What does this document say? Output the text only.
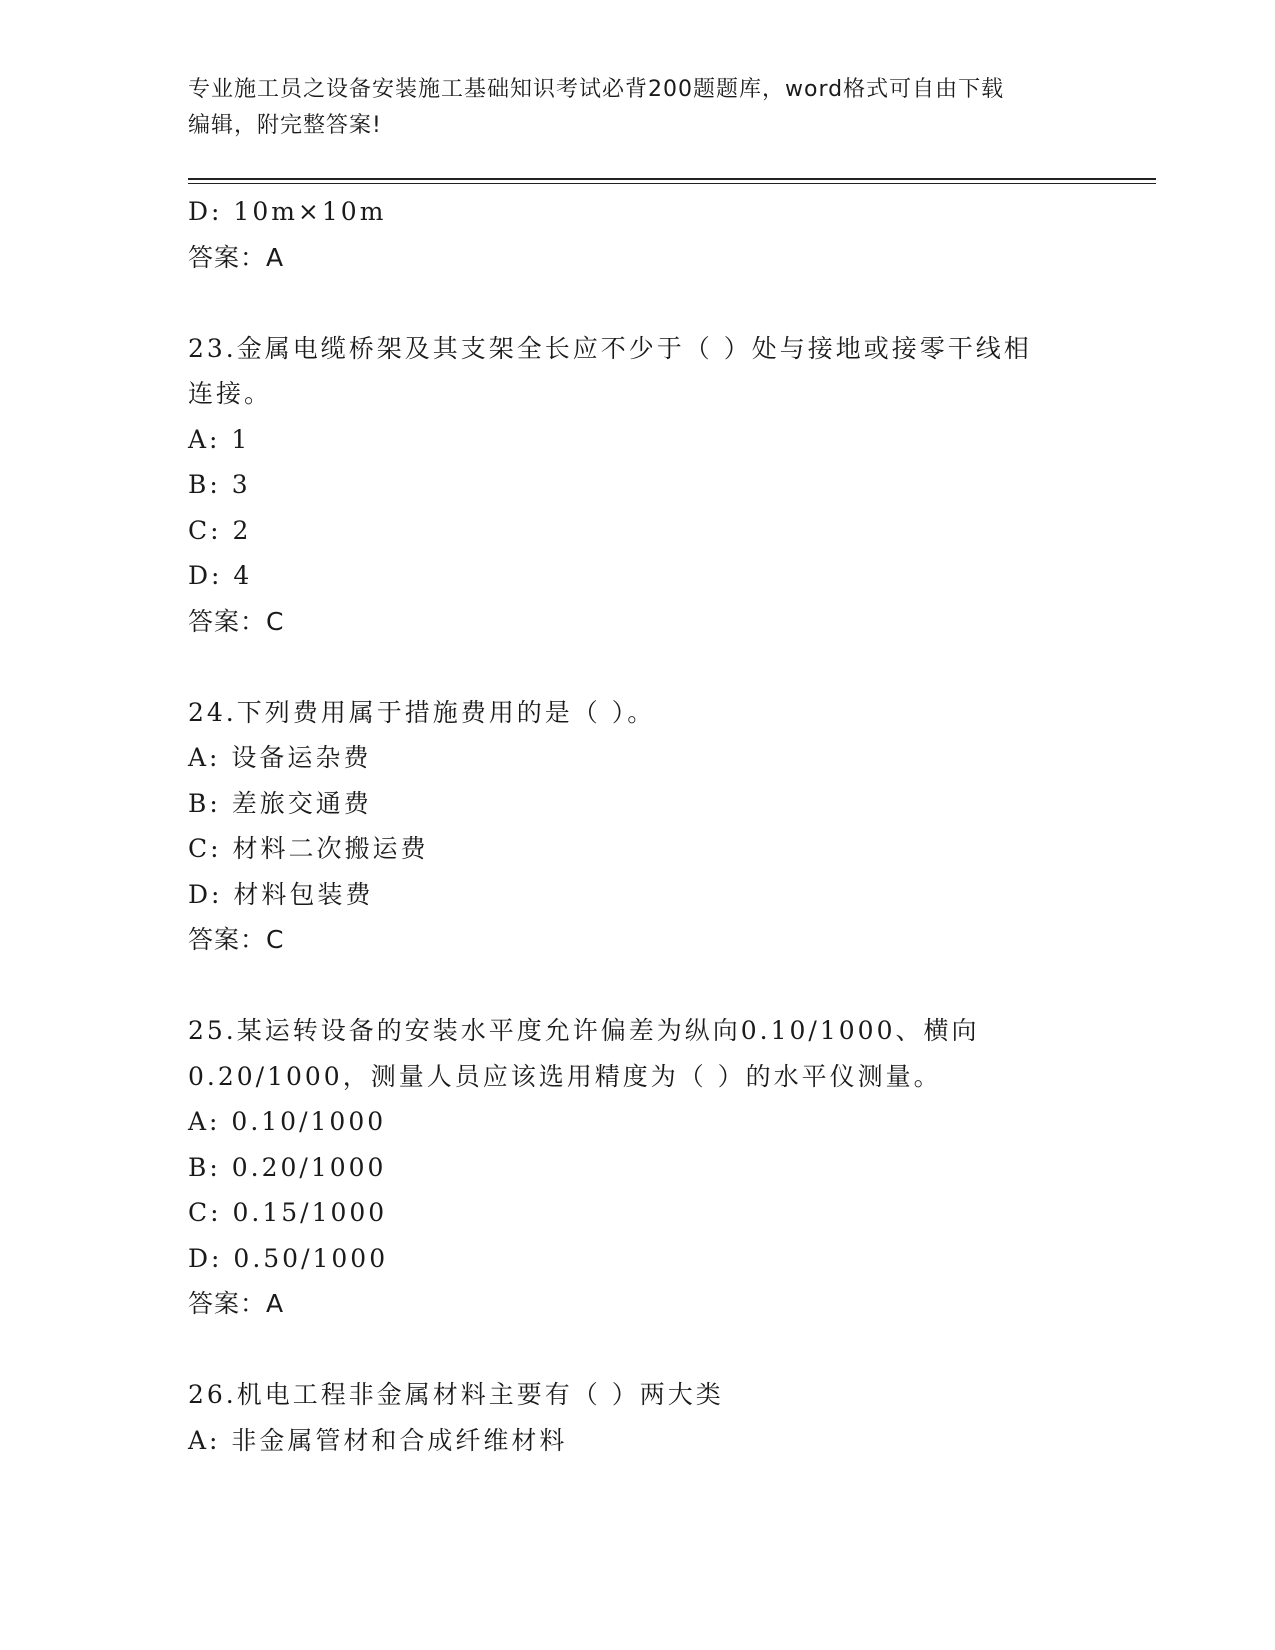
专业施工员之设备安装施工基础知识考试必背200题题库，word格式可自由下载
编辑，附完整答案!
D: 10m×10m
答案：A
23.金属电缆桥架及其支架全长应不少于（ ）处与接地或接零干线相
连接。
A: 1
B: 3
C: 2
D: 4
答案：C
24.下列费用属于措施费用的是（ ）。
A: 设备运杂费
B: 差旅交通费
C: 材料二次搬运费
D: 材料包装费
答案：C
25.某运转设备的安装水平度允许偏差为纵向0.10/1000、横向
0.20/1000，测量人员应该选用精度为（ ）的水平仪测量。
A: 0.10/1000
B: 0.20/1000
C: 0.15/1000
D: 0.50/1000
答案：A
26.机电工程非金属材料主要有（ ）两大类
A: 非金属管材和合成纤维材料
